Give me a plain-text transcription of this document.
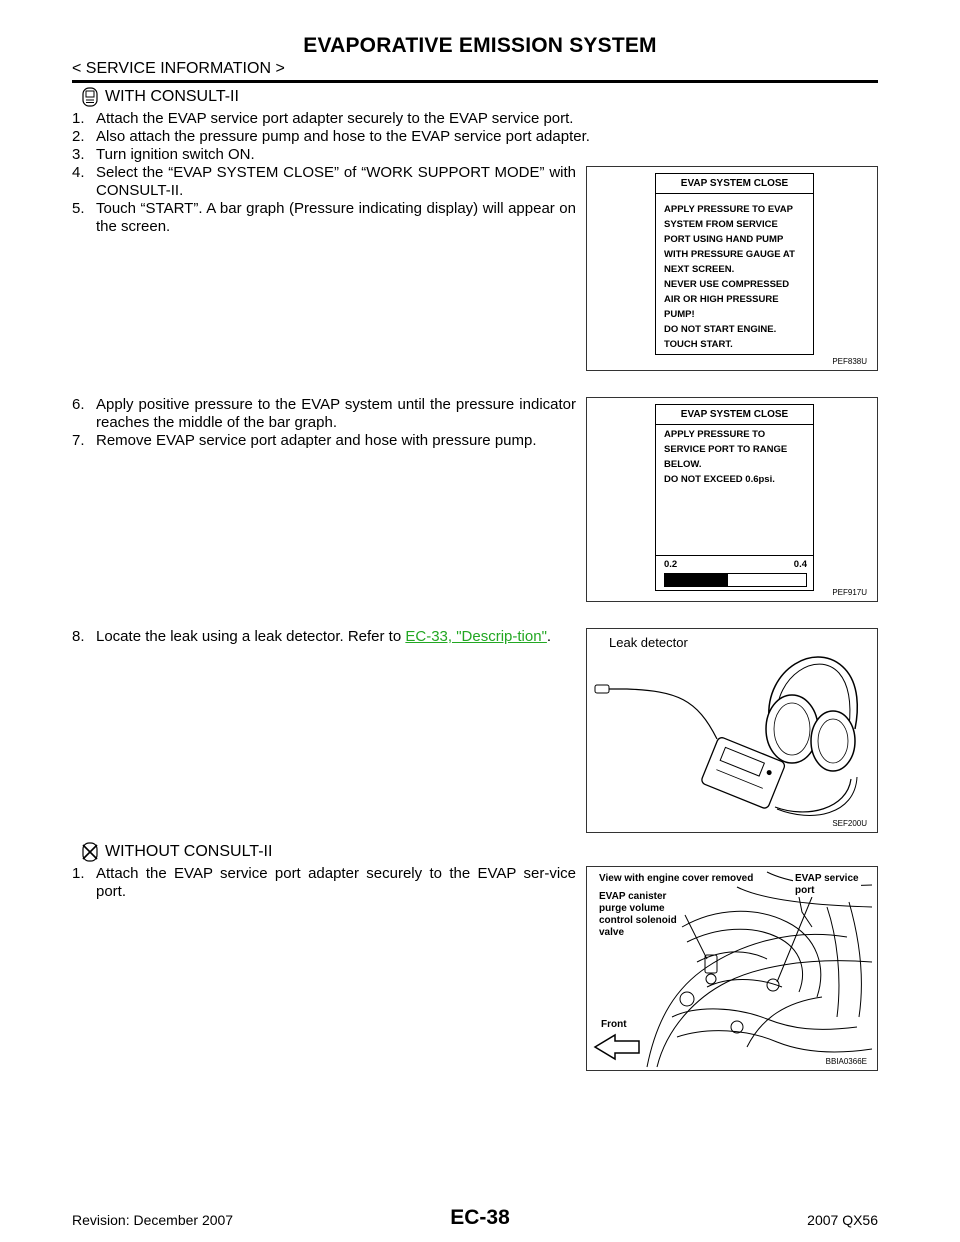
EVAPORATIVE EMISSION SYSTEM
< SERVICE INFORMATION >
WITH CONSULT-II
1. Attach the EVAP service port adapter securely to the EVAP service port.
2. Also attach the pressure pump and hose to the EVAP service port adapter.
3. Turn ignition switch ON.
4. Select the “EVAP SYSTEM CLOSE” of “WORK SUPPORT MODE” with CONSULT-II.
5. Touch “START”. A bar graph (Pressure indicating display) will appear on the screen.
EVAP SYSTEM CLOSE
APPLY PRESSURE TO EVAP
SYSTEM FROM SERVICE
PORT USING HAND PUMP
WITH PRESSURE GAUGE AT
NEXT SCREEN.
NEVER USE COMPRESSED
AIR OR HIGH PRESSURE
PUMP!
DO NOT START ENGINE.
TOUCH START.
PEF838U
6. Apply positive pressure to the EVAP system until the pressure indicator reaches the middle of the bar graph.
7. Remove EVAP service port adapter and hose with pressure pump.
EVAP SYSTEM CLOSE
APPLY PRESSURE TO
SERVICE PORT TO RANGE
BELOW.
DO NOT EXCEED 0.6psi.
0.2	0.4
PEF917U
8. Locate the leak using a leak detector. Refer to EC-33, "Descrip-tion".	Leak detector
SEF200U
WITHOUT CONSULT-II
1. Attach the EVAP service port adapter securely to the EVAP ser-vice port.
View with engine cover removed
EVAP canister
purge volume
control solenoid
valve
EVAP service
port
Front
BBIA0366E
EC-38
Revision: December 2007	2007 QX56
